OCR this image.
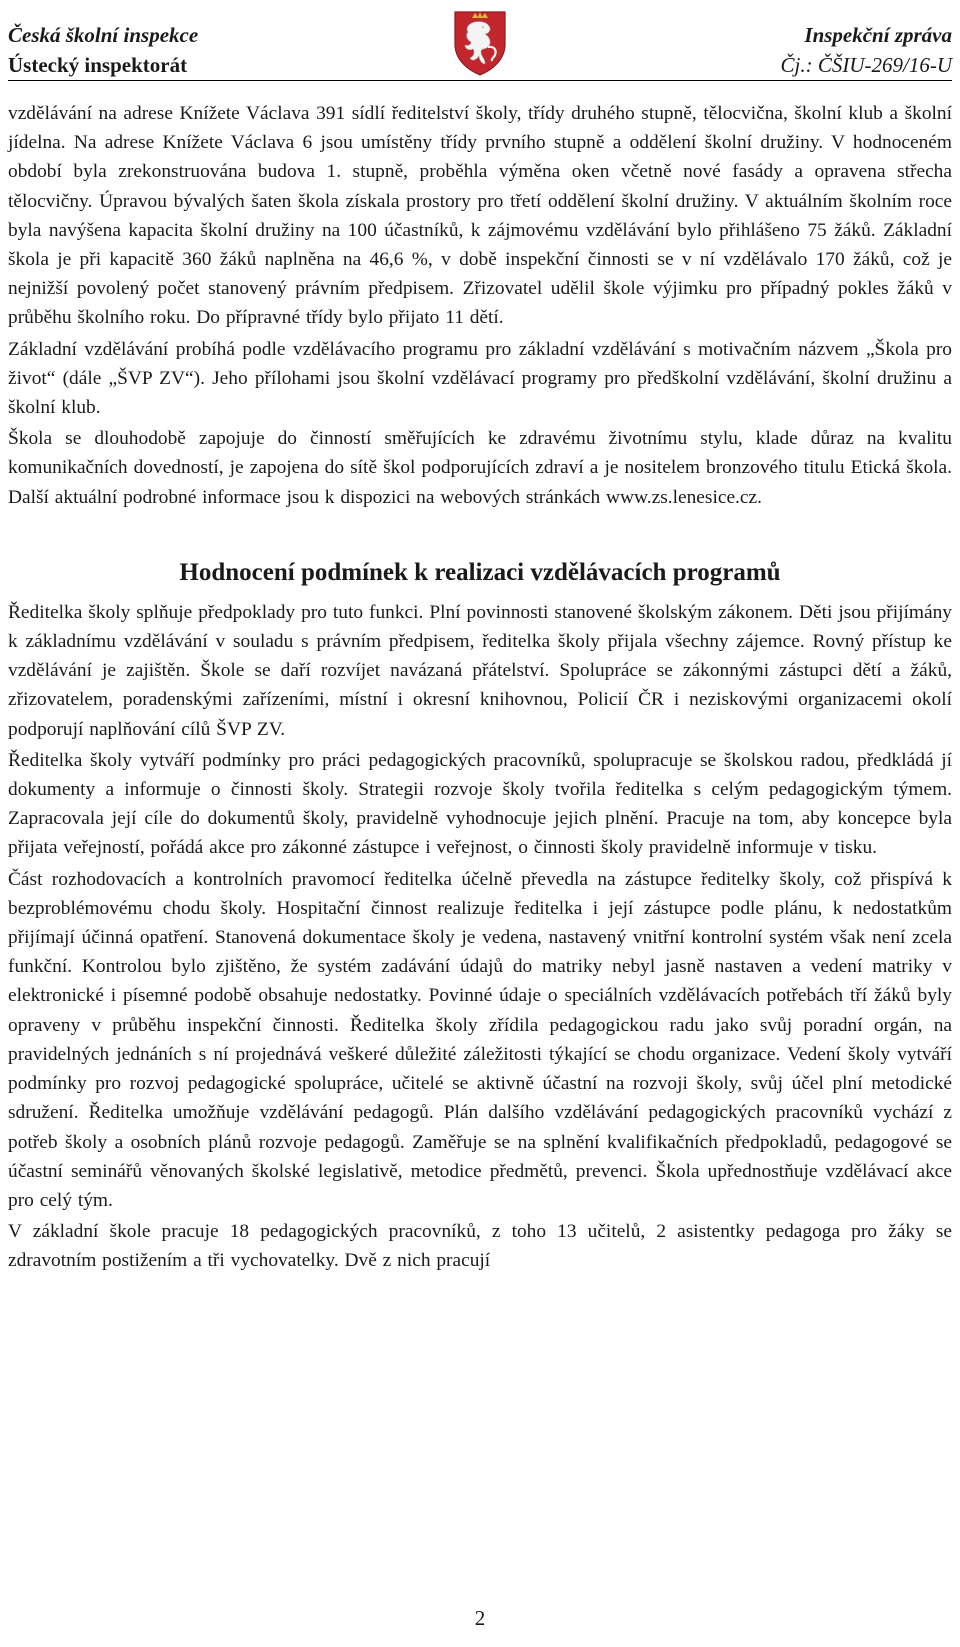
Česká školní inspekce
Ústecký inspektorát
Inspekční zpráva
Čj.: ČŠIU-269/16-U

vzdělávání na adrese Knížete Václava 391 sídlí ředitelství školy, třídy druhého stupně, tělocvična, školní klub a školní jídelna. Na adrese Knížete Václava 6 jsou umístěny třídy prvního stupně a oddělení školní družiny. V hodnoceném období byla zrekonstruována budova 1. stupně, proběhla výměna oken včetně nové fasády a opravena střecha tělocvičny. Úpravou bývalých šaten škola získala prostory pro třetí oddělení školní družiny. V aktuálním školním roce byla navýšena kapacita školní družiny na 100 účastníků, k zájmovému vzdělávání bylo přihlášeno 75 žáků. Základní škola je při kapacitě 360 žáků naplněna na 46,6 %, v době inspekční činnosti se v ní vzdělávalo 170 žáků, což je nejnižší povolený počet stanovený právním předpisem. Zřizovatel udělil škole výjimku pro případný pokles žáků v průběhu školního roku. Do přípravné třídy bylo přijato 11 dětí.

Základní vzdělávání probíhá podle vzdělávacího programu pro základní vzdělávání s motivačním názvem „Škola pro život“ (dále „ŠVP ZV“). Jeho přílohami jsou školní vzdělávací programy pro předškolní vzdělávání, školní družinu a školní klub.

Škola se dlouhodobě zapojuje do činností směřujících ke zdravému životnímu stylu, klade důraz na kvalitu komunikačních dovedností, je zapojena do sítě škol podporujících zdraví a je nositelem bronzového titulu Etická škola. Další aktuální podrobné informace jsou k dispozici na webových stránkách www.zs.lenesice.cz.

Hodnocení podmínek k realizaci vzdělávacích programů

Ředitelka školy splňuje předpoklady pro tuto funkci. Plní povinnosti stanovené školským zákonem. Děti jsou přijímány k základnímu vzdělávání v souladu s právním předpisem, ředitelka školy přijala všechny zájemce. Rovný přístup ke vzdělávání je zajištěn. Škole se daří rozvíjet navázaná přátelství. Spolupráce se zákonnými zástupci dětí a žáků, zřizovatelem, poradenskými zařízeními, místní i okresní knihovnou, Policií ČR i neziskovými organizacemi okolí podporují naplňování cílů ŠVP ZV.

Ředitelka školy vytváří podmínky pro práci pedagogických pracovníků, spolupracuje se školskou radou, předkládá jí dokumenty a informuje o činnosti školy. Strategii rozvoje školy tvořila ředitelka s celým pedagogickým týmem. Zapracovala její cíle do dokumentů školy, pravidelně vyhodnocuje jejich plnění. Pracuje na tom, aby koncepce byla přijata veřejností, pořádá akce pro zákonné zástupce i veřejnost, o činnosti školy pravidelně informuje v tisku.

Část rozhodovacích a kontrolních pravomocí ředitelka účelně převedla na zástupce ředitelky školy, což přispívá k bezproblémovému chodu školy. Hospitační činnost realizuje ředitelka i její zástupce podle plánu, k nedostatkům přijímají účinná opatření. Stanovená dokumentace školy je vedena, nastavený vnitřní kontrolní systém však není zcela funkční. Kontrolou bylo zjištěno, že systém zadávání údajů do matriky nebyl jasně nastaven a vedení matriky v elektronické i písemné podobě obsahuje nedostatky. Povinné údaje o speciálních vzdělávacích potřebách tří žáků byly opraveny v průběhu inspekční činnosti. Ředitelka školy zřídila pedagogickou radu jako svůj poradní orgán, na pravidelných jednáních s ní projednává veškeré důležité záležitosti týkající se chodu organizace. Vedení školy vytváří podmínky pro rozvoj pedagogické spolupráce, učitelé se aktivně účastní na rozvoji školy, svůj účel plní metodické sdružení. Ředitelka umožňuje vzdělávání pedagogů. Plán dalšího vzdělávání pedagogických pracovníků vychází z potřeb školy a osobních plánů rozvoje pedagogů. Zaměřuje se na splnění kvalifikačních předpokladů, pedagogové se účastní seminářů věnovaných školské legislativě, metodice předmětů, prevenci. Škola upřednostňuje vzdělávací akce pro celý tým.

V základní škole pracuje 18 pedagogických pracovníků, z toho 13 učitelů, 2 asistentky pedagoga pro žáky se zdravotním postižením a tři vychovatelky. Dvě z nich pracují

2
